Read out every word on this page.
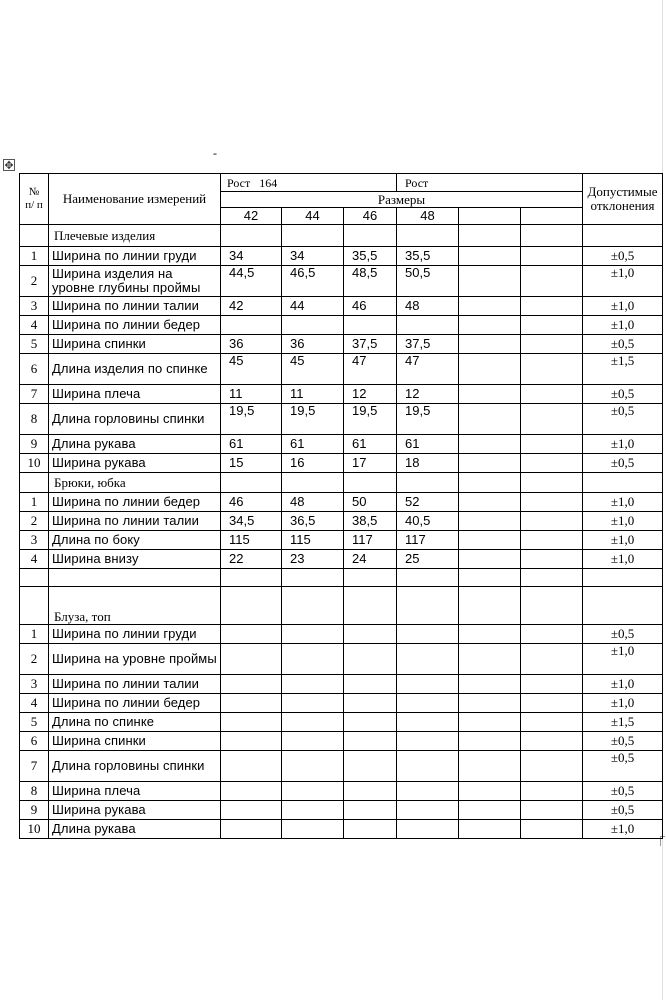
-
✥
№ п/ п	Наименование измерений	Рост   164			Рост			Допустимые отклонения
		Размеры						
		42	44	46	48			
	Плечевые изделия							
1	Ширина по линии груди	34	34	35,5	35,5			±0,5
2	Ширина изделия на уровне глубины проймы	44,5	46,5	48,5	50,5			±1,0
3	Ширина по линии талии	42	44	46	48			±1,0
4	Ширина по линии бедер							±1,0
5	Ширина спинки	36	36	37,5	37,5			±0,5
6	Длина изделия по спинке	45	45	47	47			±1,5
7	Ширина плеча	11	11	12	12			±0,5
8	Длина горловины спинки	19,5	19,5	19,5	19,5			±0,5
9	Длина рукава	61	61	61	61			±1,0
10	Ширина рукава	15	16	17	18			±0,5
	Брюки, юбка							
1	Ширина по линии бедер	46	48	50	52			±1,0
2	Ширина по линии талии	34,5	36,5	38,5	40,5			±1,0
3	Длина по боку	115	115	117	117			±1,0
4	Ширина внизу	22	23	24	25			±1,0

	Блуза, топ							
1	Ширина по линии груди							±0,5
2	Ширина на уровне проймы							±1,0
3	Ширина по линии талии							±1,0
4	Ширина по линии бедер							±1,0
5	Длина по спинке							±1,5
6	Ширина спинки							±0,5
7	Длина горловины спинки							±0,5
8	Ширина плеча							±0,5
9	Ширина рукава							±0,5
10	Длина рукава							±1,0
